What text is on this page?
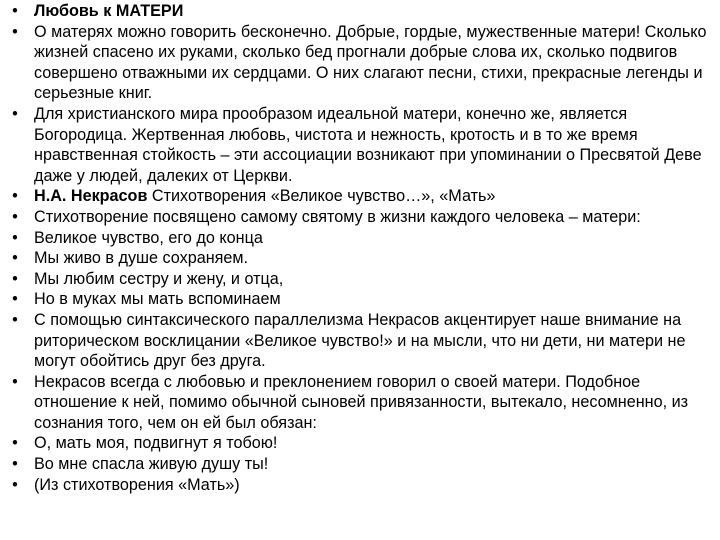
• Любовь к МАТЕРИ
• О матерях можно говорить бесконечно. Добрые, гордые, мужественные матери! Сколько жизней спасено их руками, сколько бед прогнали добрые слова их, сколько подвигов совершено отважными их сердцами. О них слагают песни, стихи, прекрасные легенды и серьезные книг.
• Для христианского мира прообразом идеальной матери, конечно же, является Богородица. Жертвенная любовь, чистота и нежность, кротость и в то же время нравственная стойкость – эти ассоциации возникают при упоминании о Пресвятой Деве даже у людей, далеких от Церкви.
• Н.А. Некрасов Стихотворения «Великое чувство…», «Мать»
• Стихотворение посвящено самому святому в жизни каждого человека – матери:
• Великое чувство, его до конца
• Мы живо в душе сохраняем.
• Мы любим сестру и жену, и отца,
• Но в муках мы мать вспоминаем
• С помощью синтаксического параллелизма Некрасов акцентирует наше внимание на риторическом восклицании «Великое чувство!» и на мысли, что ни дети, ни матери не могут обойтись друг без друга.
• Некрасов всегда с любовью и преклонением говорил о своей матери. Подобное отношение к ней, помимо обычной сыновей привязанности, вытекало, несомненно, из сознания того, чем он ей был обязан:
• О, мать моя, подвигнут я тобою!
• Во мне спасла живую душу ты!
• (Из стихотворения «Мать»)
